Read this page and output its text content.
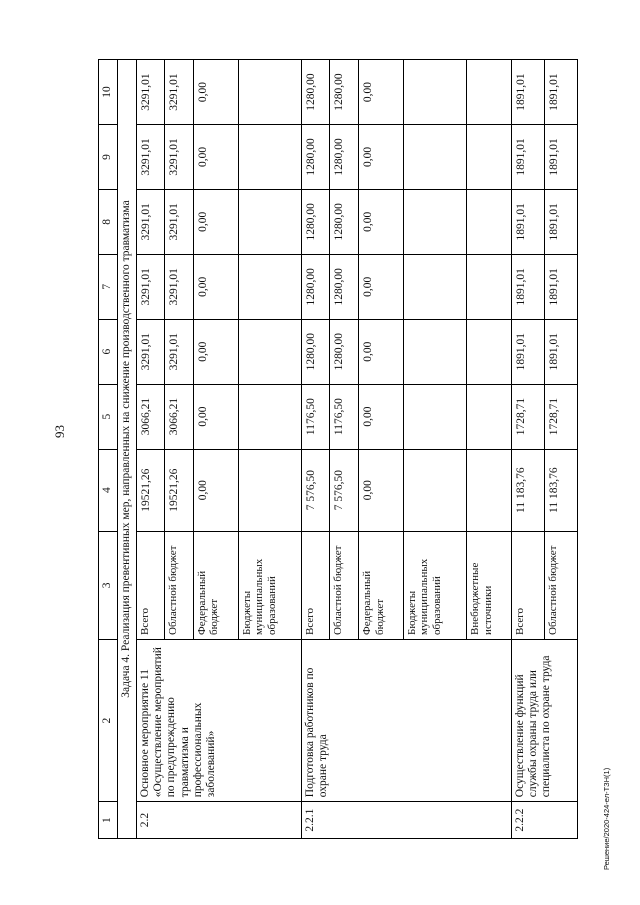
93
Решение/2020-424-ел-ТЗН(1)
1	2	3	4	5	6	7	8	9	10
Задача 4. Реализация превентивных мер, направленных на снижение производственного травматизма									
2.2	Основное мероприятие 11 «Осуществление мероприятий по предупреждению травматизма и профессиональных заболеваний»	Всего	19521,26	3066,21	3291,01	3291,01	3291,01	3291,01	3291,01
		Областной бюджет	19521,26	3066,21	3291,01	3291,01	3291,01	3291,01	3291,01
		Федеральный бюджет	0,00	0,00	0,00	0,00	0,00	0,00	0,00
		Бюджеты муниципальных образований							
2.2.1	Подготовка работников по охране труда	Всего	7 576,50	1176,50	1280,00	1280,00	1280,00	1280,00	1280,00
		Областной бюджет	7 576,50	1176,50	1280,00	1280,00	1280,00	1280,00	1280,00
		Федеральный бюджет	0,00	0,00	0,00	0,00	0,00	0,00	0,00
		Бюджеты муниципальных образований							
		Внебюджетные источники							
2.2.2	Осуществление функций службы охраны труда или специалиста по охране труда	Всего	11 183,76	1728,71	1891,01	1891,01	1891,01	1891,01	1891,01
		Областной бюджет	11 183,76	1728,71	1891,01	1891,01	1891,01	1891,01	1891,01
